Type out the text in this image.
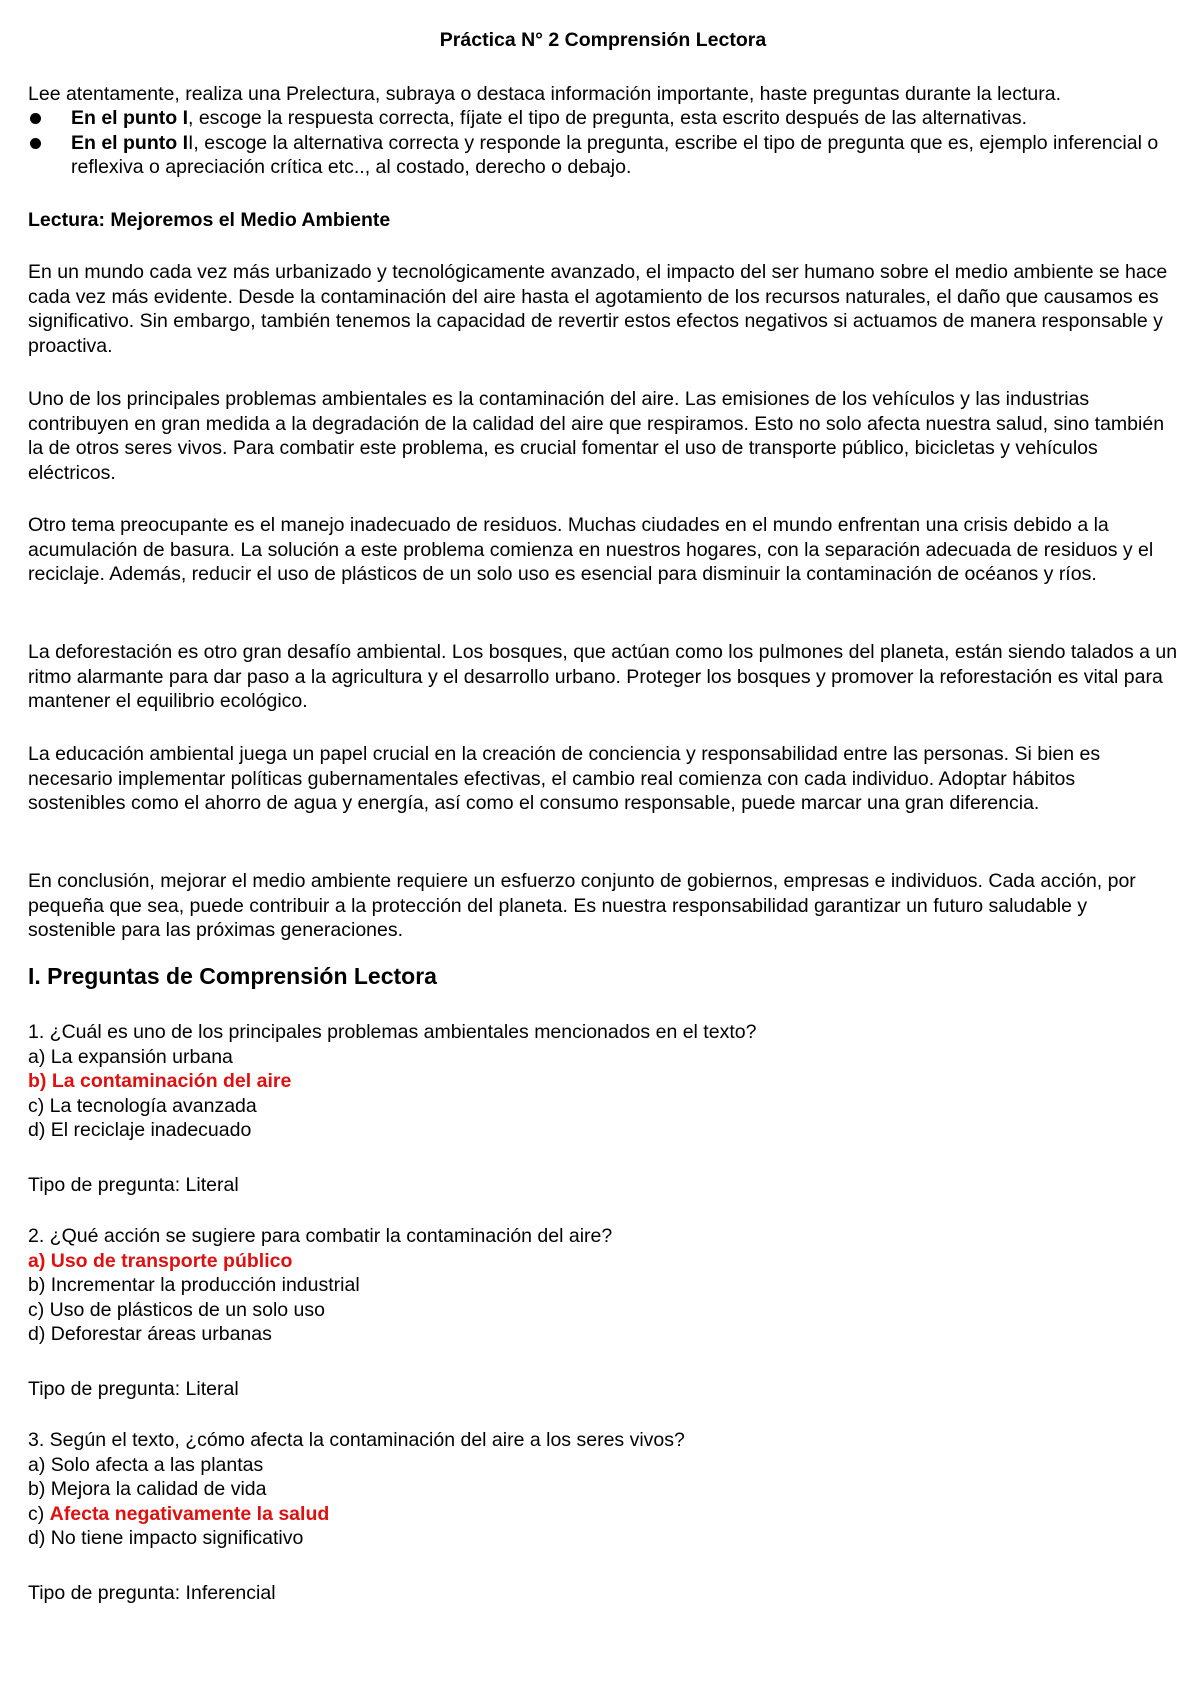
Práctica N° 2 Comprensión Lectora
Lee atentamente, realiza una Prelectura, subraya o destaca información importante, haste preguntas durante la lectura.
En el punto I, escoge la respuesta correcta, fíjate el tipo de pregunta, esta escrito después de las alternativas.
En el punto II, escoge la alternativa correcta y responde la pregunta, escribe el tipo de pregunta que es, ejemplo inferencial o reflexiva o apreciación crítica etc.., al costado, derecho o debajo.
Lectura: Mejoremos el Medio Ambiente

En un mundo cada vez más urbanizado y tecnológicamente avanzado, el impacto del ser humano sobre el medio ambiente se hace cada vez más evidente. Desde la contaminación del aire hasta el agotamiento de los recursos naturales, el daño que causamos es significativo. Sin embargo, también tenemos la capacidad de revertir estos efectos negativos si actuamos de manera responsable y proactiva.

Uno de los principales problemas ambientales es la contaminación del aire. Las emisiones de los vehículos y las industrias contribuyen en gran medida a la degradación de la calidad del aire que respiramos. Esto no solo afecta nuestra salud, sino también la de otros seres vivos. Para combatir este problema, es crucial fomentar el uso de transporte público, bicicletas y vehículos eléctricos.

Otro tema preocupante es el manejo inadecuado de residuos. Muchas ciudades en el mundo enfrentan una crisis debido a la acumulación de basura. La solución a este problema comienza en nuestros hogares, con la separación adecuada de residuos y el reciclaje. Además, reducir el uso de plásticos de un solo uso es esencial para disminuir la contaminación de océanos y ríos.

La deforestación es otro gran desafío ambiental. Los bosques, que actúan como los pulmones del planeta, están siendo talados a un ritmo alarmante para dar paso a la agricultura y el desarrollo urbano. Proteger los bosques y promover la reforestación es vital para mantener el equilibrio ecológico.

La educación ambiental juega un papel crucial en la creación de conciencia y responsabilidad entre las personas. Si bien es necesario implementar políticas gubernamentales efectivas, el cambio real comienza con cada individuo. Adoptar hábitos sostenibles como el ahorro de agua y energía, así como el consumo responsable, puede marcar una gran diferencia.

En conclusión, mejorar el medio ambiente requiere un esfuerzo conjunto de gobiernos, empresas e individuos. Cada acción, por pequeña que sea, puede contribuir a la protección del planeta. Es nuestra responsabilidad garantizar un futuro saludable y sostenible para las próximas generaciones.

I. Preguntas de Comprensión Lectora
1. ¿Cuál es uno de los principales problemas ambientales mencionados en el texto?
a) La expansión urbana
b) La contaminación del aire
c) La tecnología avanzada
d) El reciclaje inadecuado
Tipo de pregunta: Literal
2. ¿Qué acción se sugiere para combatir la contaminación del aire?
a) Uso de transporte público
b) Incrementar la producción industrial
c) Uso de plásticos de un solo uso
d) Deforestar áreas urbanas
Tipo de pregunta: Literal
3. Según el texto, ¿cómo afecta la contaminación del aire a los seres vivos?
a) Solo afecta a las plantas
b) Mejora la calidad de vida
c) Afecta negativamente la salud
d) No tiene impacto significativo
Tipo de pregunta: Inferencial
